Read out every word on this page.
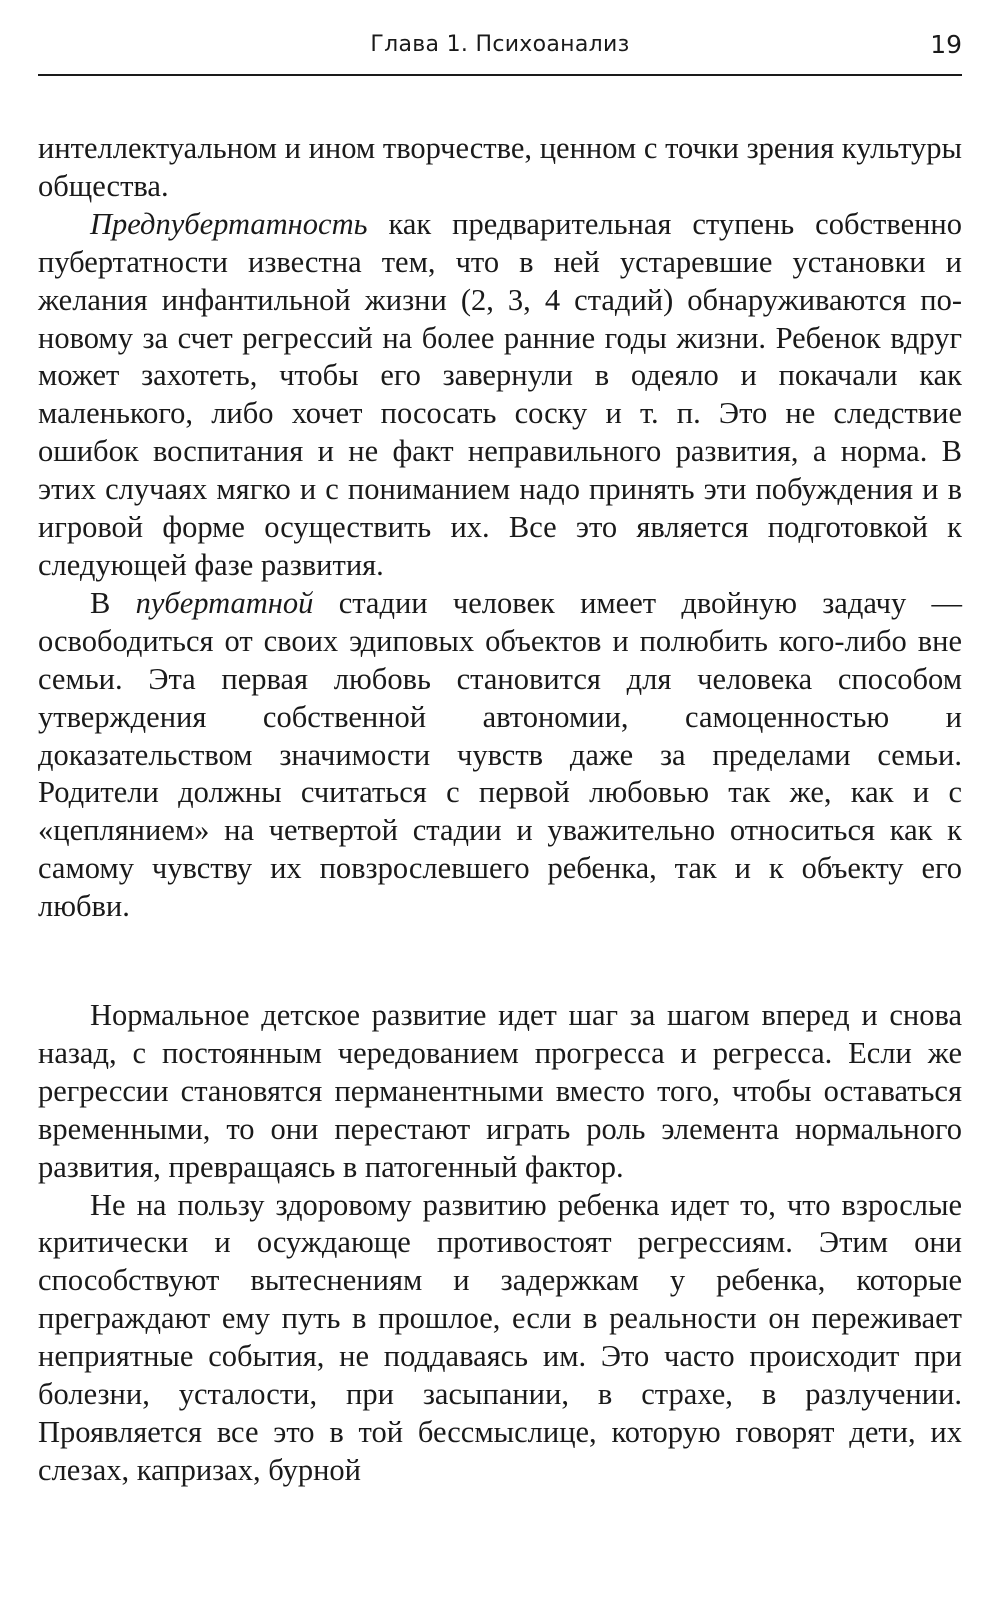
Глава 1. Психоанализ	19

интеллектуальном и ином творчестве, ценном с точки зрения культуры общества.

Предпубертатность как предварительная ступень собственно пубертатности известна тем, что в ней устаревшие установки и желания инфантильной жизни (2, 3, 4 стадий) обнаруживаются по-новому за счет регрессий на более ранние годы жизни. Ребенок вдруг может захотеть, чтобы его завернули в одеяло и покачали как маленького, либо хочет пососать соску и т. п. Это не следствие ошибок воспитания и не факт неправильного развития, а норма. В этих случаях мягко и с пониманием надо принять эти побуждения и в игровой форме осуществить их. Все это является подготовкой к следующей фазе развития.

В пубертатной стадии человек имеет двойную задачу — освободиться от своих эдиповых объектов и полюбить кого-либо вне семьи. Эта первая любовь становится для человека способом утверждения собственной автономии, самоценностью и доказательством значимости чувств даже за пределами семьи. Родители должны считаться с первой любовью так же, как и с «цеплянием» на четвертой стадии и уважительно относиться как к самому чувству их повзрослевшего ребенка, так и к объекту его любви.

Нормальное детское развитие идет шаг за шагом вперед и снова назад, с постоянным чередованием прогресса и регресса. Если же регрессии становятся перманентными вместо того, чтобы оставаться временными, то они перестают играть роль элемента нормального развития, превращаясь в патогенный фактор.

Не на пользу здоровому развитию ребенка идет то, что взрослые критически и осуждающе противостоят регрессиям. Этим они способствуют вытеснениям и задержкам у ребенка, которые преграждают ему путь в прошлое, если в реальности он переживает неприятные события, не поддаваясь им. Это часто происходит при болезни, усталости, при засыпании, в страхе, в разлучении. Проявляется все это в той бессмыслице, которую говорят дети, их слезах, капризах, бурной
